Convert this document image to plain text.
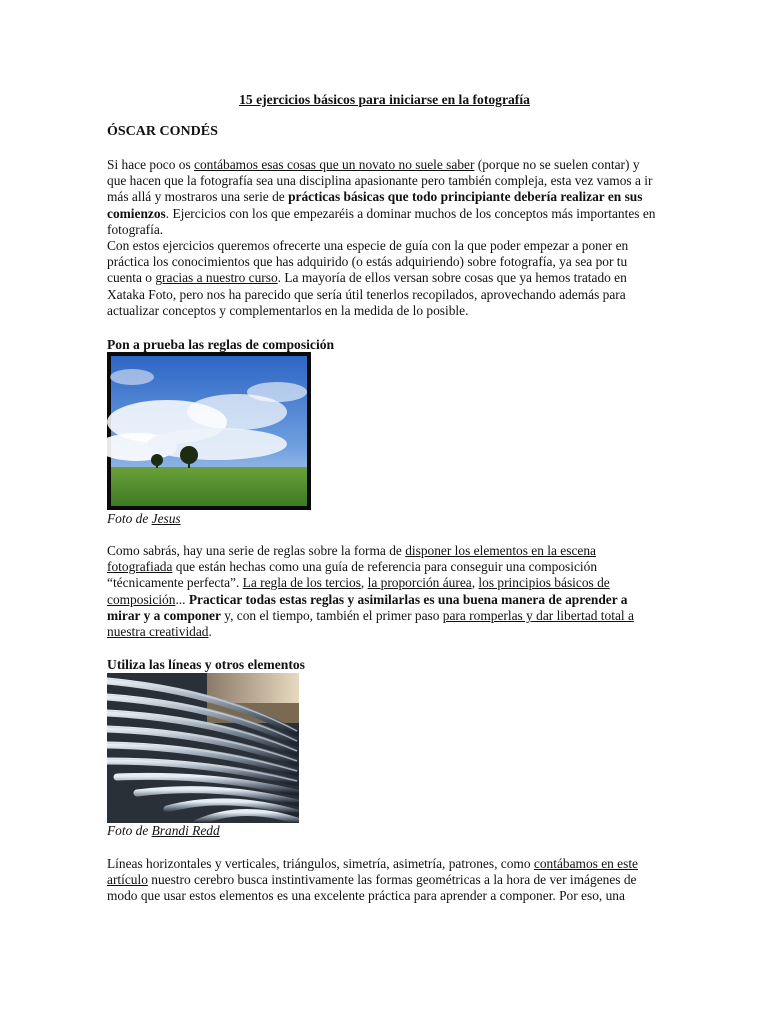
15 ejercicios básicos para iniciarse en la fotografía
ÓSCAR CONDÉS

Si hace poco os contábamos esas cosas que un novato no suele saber (porque no se suelen contar) y que hacen que la fotografía sea una disciplina apasionante pero también compleja, esta vez vamos a ir más allá y mostraros una serie de prácticas básicas que todo principiante debería realizar en sus comienzos. Ejercicios con los que empezaréis a dominar muchos de los conceptos más importantes en fotografía.

Con estos ejercicios queremos ofrecerte una especie de guía con la que poder empezar a poner en práctica los conocimientos que has adquirido (o estás adquiriendo) sobre fotografía, ya sea por tu cuenta o gracias a nuestro curso. La mayoría de ellos versan sobre cosas que ya hemos tratado en Xataka Foto, pero nos ha parecido que sería útil tenerlos recopilados, aprovechando además para actualizar conceptos y complementarlos en la medida de lo posible.

Pon a prueba las reglas de composición
Foto de Jesus

Como sabrás, hay una serie de reglas sobre la forma de disponer los elementos en la escena fotografiada que están hechas como una guía de referencia para conseguir una composición “técnicamente perfecta”. La regla de los tercios, la proporción áurea, los principios básicos de composición... Practicar todas estas reglas y asimilarlas es una buena manera de aprender a mirar y a componer y, con el tiempo, también el primer paso para romperlas y dar libertad total a nuestra creatividad.

Utiliza las líneas y otros elementos
Foto de Brandi Redd

Líneas horizontales y verticales, triángulos, simetría, asimetría, patrones, como contábamos en este artículo nuestro cerebro busca instintivamente las formas geométricas a la hora de ver imágenes de modo que usar estos elementos es una excelente práctica para aprender a componer. Por eso, una
